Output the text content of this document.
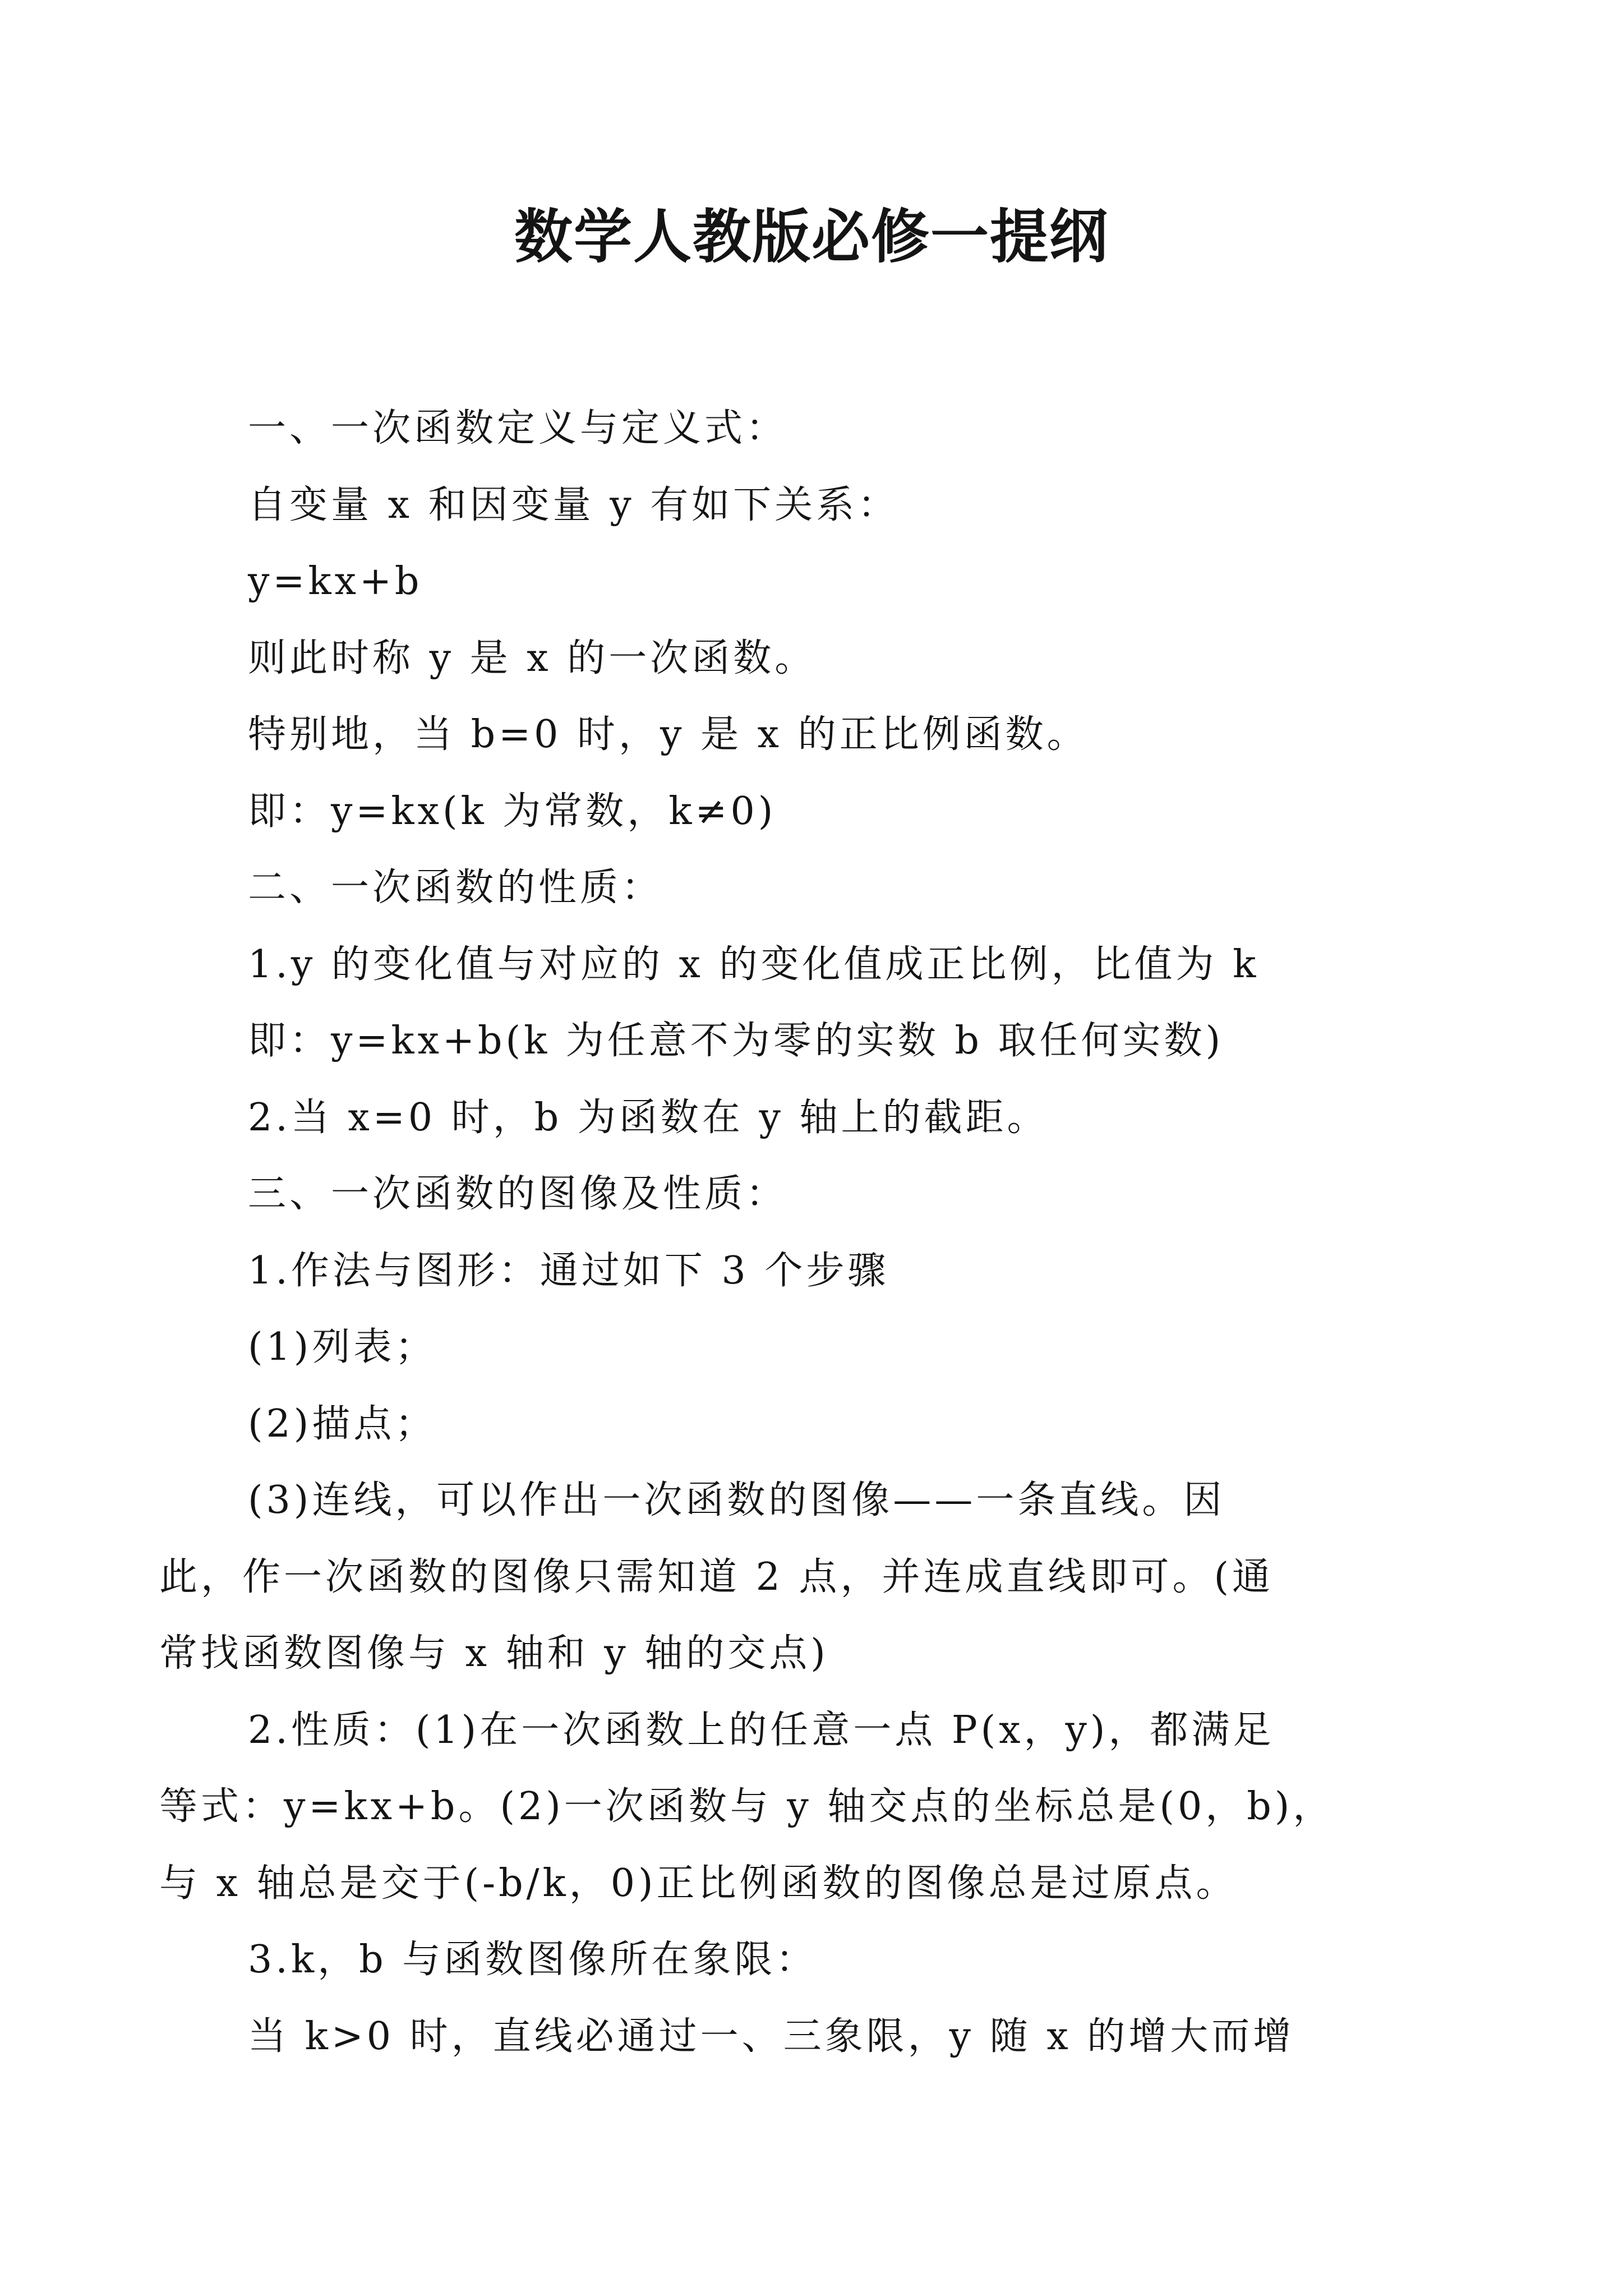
数学人教版必修一提纲
一、一次函数定义与定义式：
自变量 x 和因变量 y 有如下关系：
y=kx+b
则此时称 y 是 x 的一次函数。
特别地，当 b=0 时，y 是 x 的正比例函数。
即：y=kx(k 为常数，k≠0)
二、一次函数的性质：
1.y 的变化值与对应的 x 的变化值成正比例，比值为 k
即：y=kx+b(k 为任意不为零的实数 b 取任何实数)
2.当 x=0 时，b 为函数在 y 轴上的截距。
三、一次函数的图像及性质：
1.作法与图形：通过如下 3 个步骤
(1)列表；
(2)描点；
(3)连线，可以作出一次函数的图像——一条直线。因
此，作一次函数的图像只需知道 2 点，并连成直线即可。(通
常找函数图像与 x 轴和 y 轴的交点)
2.性质：(1)在一次函数上的任意一点 P(x，y)，都满足
等式：y=kx+b。(2)一次函数与 y 轴交点的坐标总是(0，b)，
与 x 轴总是交于(-b/k，0)正比例函数的图像总是过原点。
3.k，b 与函数图像所在象限：
当 k>0 时，直线必通过一、三象限，y 随 x 的增大而增
